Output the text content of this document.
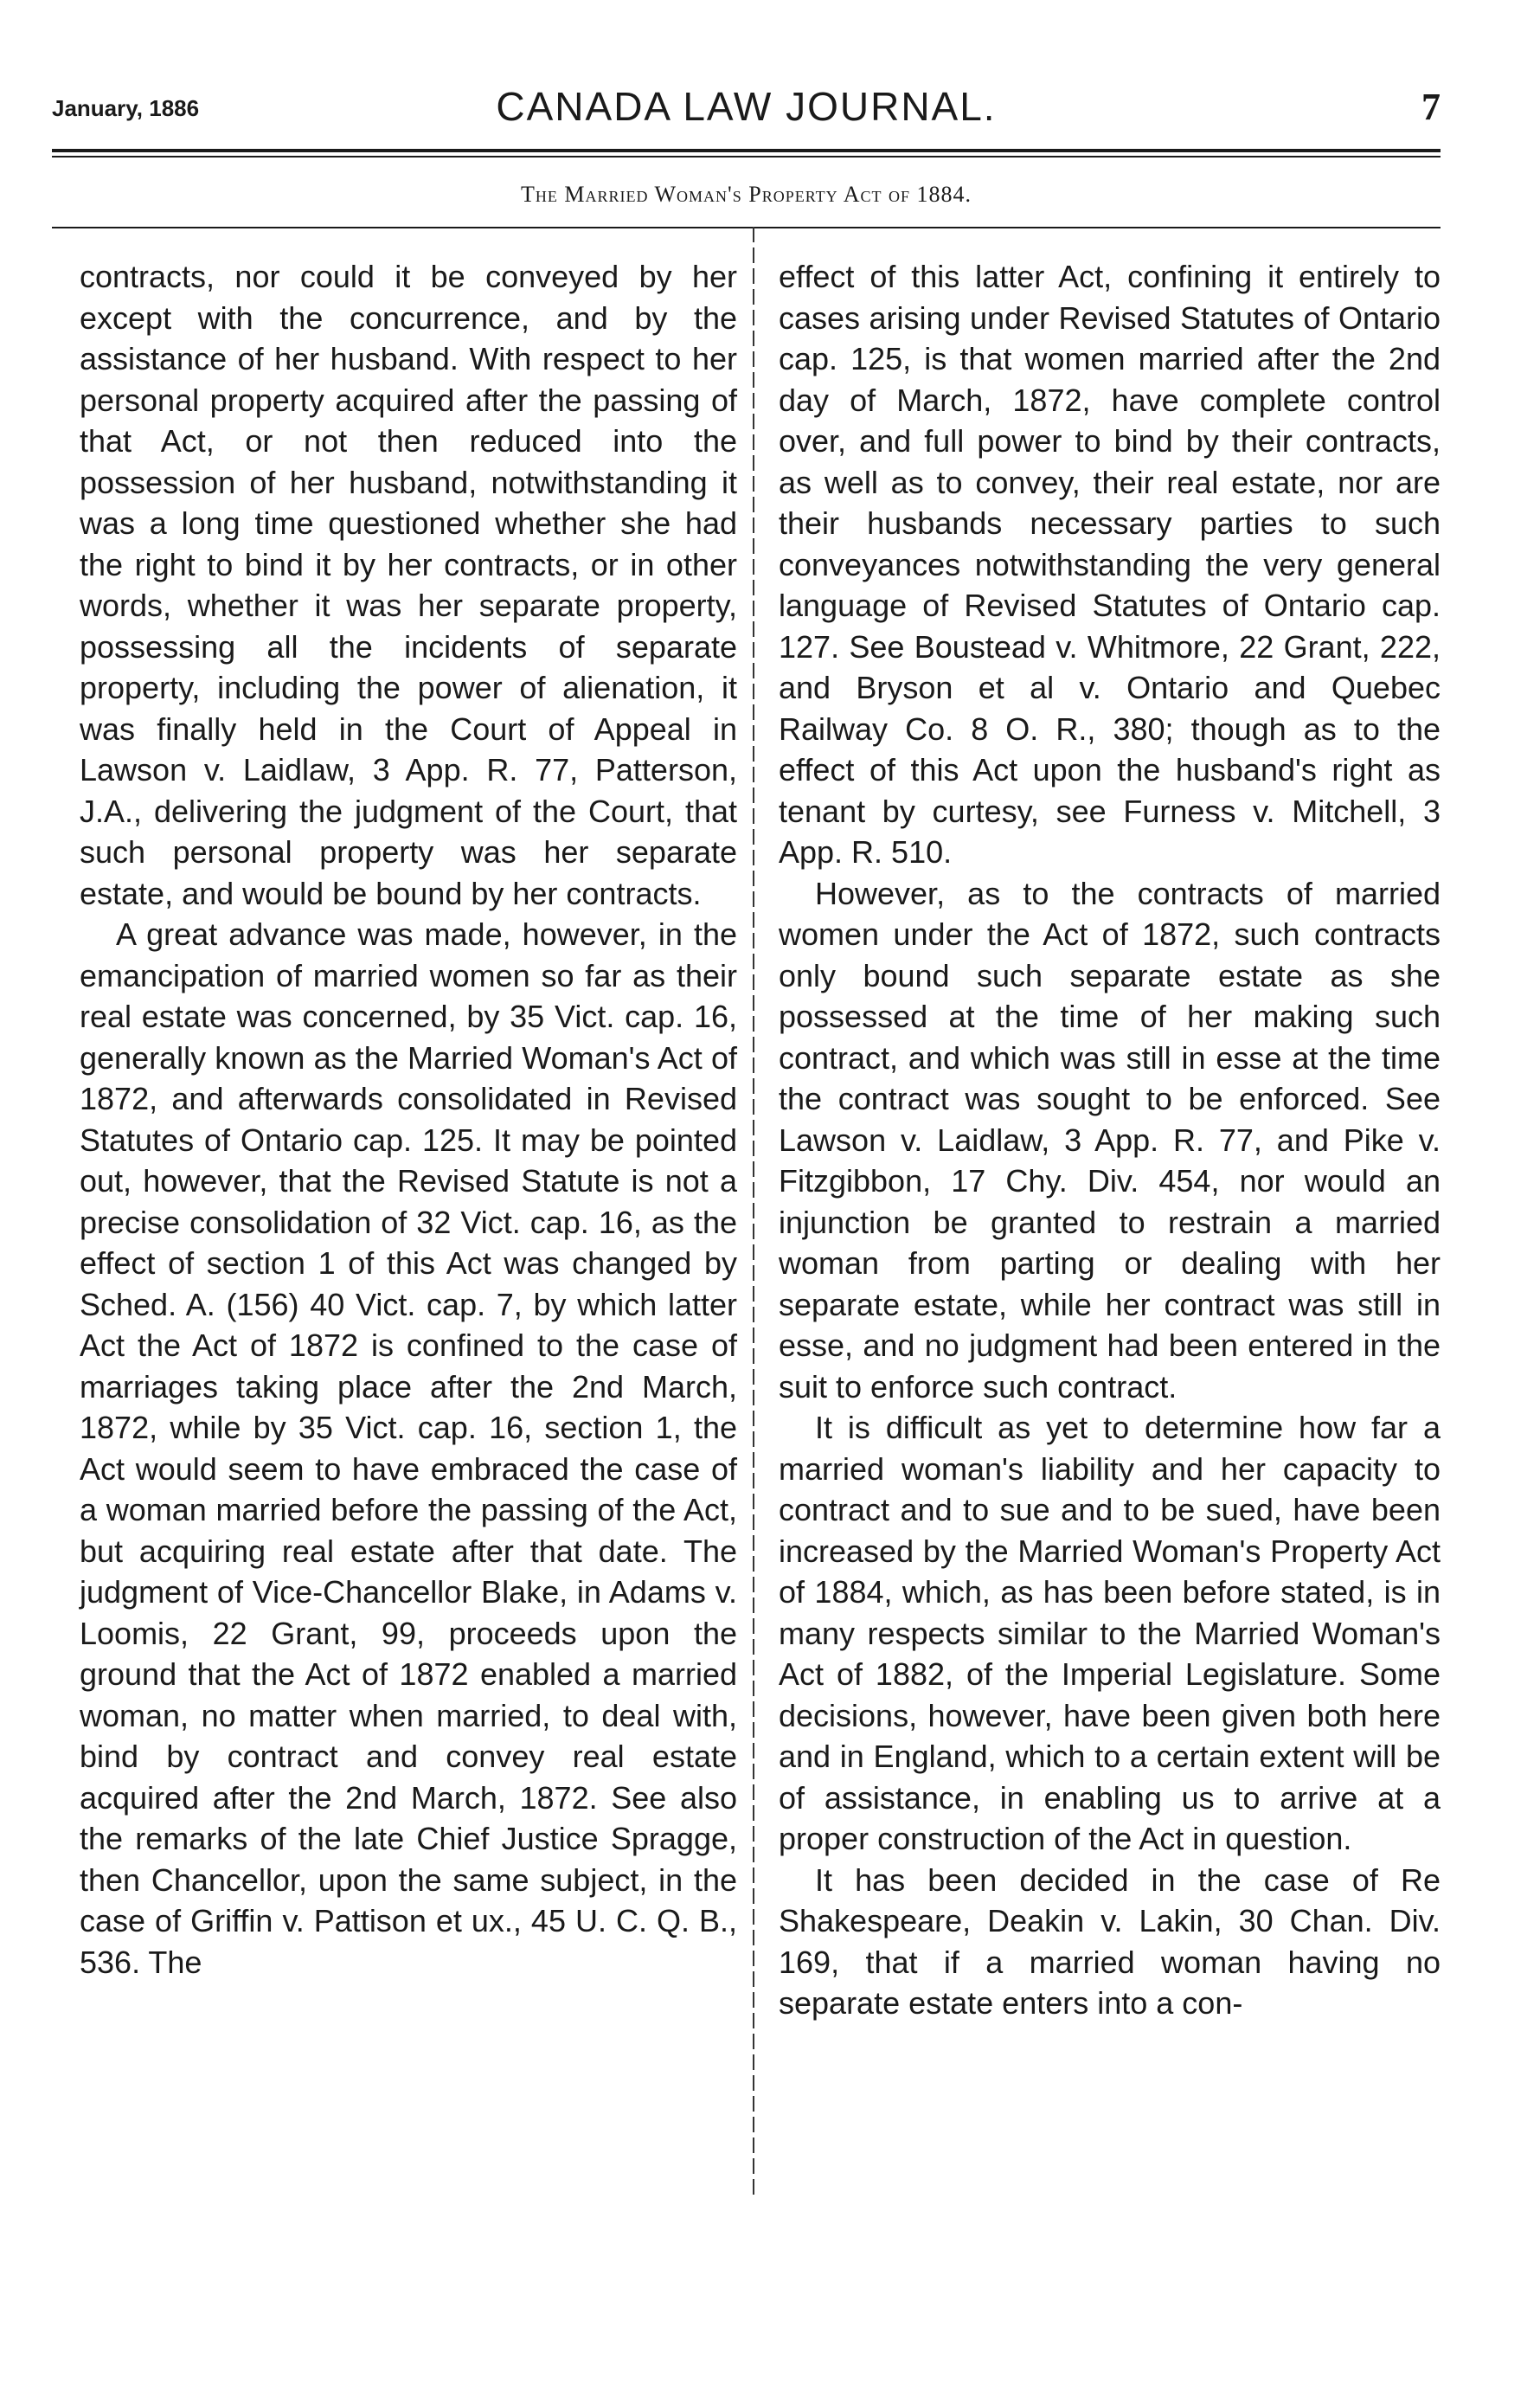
January, 1886	CANADA LAW JOURNAL.	7
The Married Woman's Property Act of 1884.

contracts, nor could it be conveyed by her except with the concurrence, and by the assistance of her husband. With respect to her personal property acquired after the passing of that Act, or not then reduced into the possession of her husband, notwithstanding it was a long time questioned whether she had the right to bind it by her contracts, or in other words, whether it was her separate property, possessing all the incidents of separate property, including the power of alienation, it was finally held in the Court of Appeal in Lawson v. Laidlaw, 3 App. R. 77, Patterson, J.A., delivering the judgment of the Court, that such personal property was her separate estate, and would be bound by her contracts.

A great advance was made, however, in the emancipation of married women so far as their real estate was concerned, by 35 Vict. cap. 16, generally known as the Married Woman's Act of 1872, and afterwards consolidated in Revised Statutes of Ontario cap. 125. It may be pointed out, however, that the Revised Statute is not a precise consolidation of 32 Vict. cap. 16, as the effect of section 1 of this Act was changed by Sched. A. (156) 40 Vict. cap. 7, by which latter Act the Act of 1872 is confined to the case of marriages taking place after the 2nd March, 1872, while by 35 Vict. cap. 16, section 1, the Act would seem to have embraced the case of a woman married before the passing of the Act, but acquiring real estate after that date. The judgment of Vice-Chancellor Blake, in Adams v. Loomis, 22 Grant, 99, proceeds upon the ground that the Act of 1872 enabled a married woman, no matter when married, to deal with, bind by contract and convey real estate acquired after the 2nd March, 1872. See also the remarks of the late Chief Justice Spragge, then Chancellor, upon the same subject, in the case of Griffin v. Pattison et ux., 45 U. C. Q. B., 536. The

effect of this latter Act, confining it entirely to cases arising under Revised Statutes of Ontario cap. 125, is that women married after the 2nd day of March, 1872, have complete control over, and full power to bind by their contracts, as well as to convey, their real estate, nor are their husbands necessary parties to such conveyances notwithstanding the very general language of Revised Statutes of Ontario cap. 127. See Boustead v. Whitmore, 22 Grant, 222, and Bryson et al v. Ontario and Quebec Railway Co. 8 O. R., 380; though as to the effect of this Act upon the husband's right as tenant by curtesy, see Furness v. Mitchell, 3 App. R. 510.

However, as to the contracts of married women under the Act of 1872, such contracts only bound such separate estate as she possessed at the time of her making such contract, and which was still in esse at the time the contract was sought to be enforced. See Lawson v. Laidlaw, 3 App. R. 77, and Pike v. Fitzgibbon, 17 Chy. Div. 454, nor would an injunction be granted to restrain a married woman from parting or dealing with her separate estate, while her contract was still in esse, and no judgment had been entered in the suit to enforce such contract.

It is difficult as yet to determine how far a married woman's liability and her capacity to contract and to sue and to be sued, have been increased by the Married Woman's Property Act of 1884, which, as has been before stated, is in many respects similar to the Married Woman's Act of 1882, of the Imperial Legislature. Some decisions, however, have been given both here and in England, which to a certain extent will be of assistance, in enabling us to arrive at a proper construction of the Act in question.

It has been decided in the case of Re Shakespeare, Deakin v. Lakin, 30 Chan. Div. 169, that if a married woman having no separate estate enters into a con-
